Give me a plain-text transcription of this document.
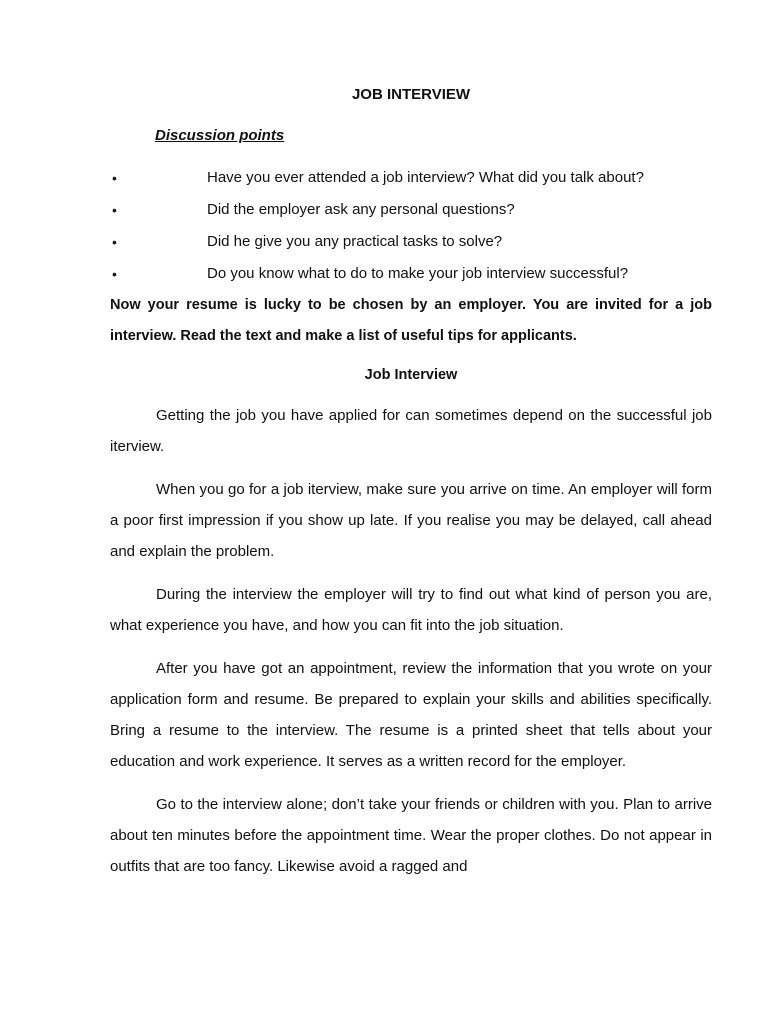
JOB INTERVIEW
Discussion points
•	Have you ever attended a job interview? What did you talk about?
•	Did the employer ask any personal questions?
•	Did he give you any practical tasks to solve?
•	Do you know what to do to make your job interview successful?

Now your resume is lucky to be chosen by an employer. You are invited for a job interview. Read the text and make a list of useful tips for applicants.

Job Interview

Getting the job you have applied for can sometimes depend on the successful job iterview.

When you go for a job iterview, make sure you arrive on time. An employer will form a poor first impression if you show up late. If you realise you may be delayed, call ahead and explain the problem.

During the interview the employer will try to find out what kind of person you are, what experience you have, and how you can fit into the job situation.

After you have got an appointment, review the information that you wrote on your application form and resume. Be prepared to explain your skills and abilities specifically. Bring a resume to the interview. The resume is a printed sheet that tells about your education and work experience. It serves as a written record for the employer.

Go to the interview alone; don’t take your friends or children with you. Plan to arrive about ten minutes before the appointment time. Wear the proper clothes. Do not appear in outfits that are too fancy. Likewise avoid a ragged and
